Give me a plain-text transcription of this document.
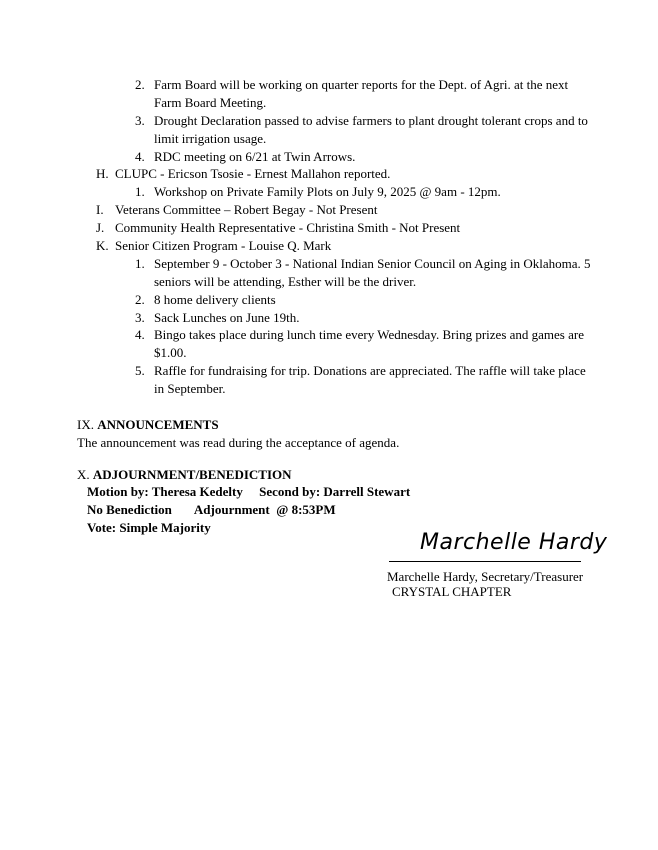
2. Farm Board will be working on quarter reports for the Dept. of Agri. at the next Farm Board Meeting.
3. Drought Declaration passed to advise farmers to plant drought tolerant crops and to limit irrigation usage.
4. RDC meeting on 6/21 at Twin Arrows.
H. CLUPC - Ericson Tsosie - Ernest Mallahon reported.
1. Workshop on Private Family Plots on July 9, 2025 @ 9am - 12pm.
I. Veterans Committee – Robert Begay - Not Present
J. Community Health Representative - Christina Smith - Not Present
K. Senior Citizen Program - Louise Q. Mark
1. September 9 - October 3 - National Indian Senior Council on Aging in Oklahoma. 5 seniors will be attending, Esther will be the driver.
2. 8 home delivery clients
3. Sack Lunches on June 19th.
4. Bingo takes place during lunch time every Wednesday. Bring prizes and games are $1.00.
5. Raffle for fundraising for trip. Donations are appreciated. The raffle will take place in September.
IX. ANNOUNCEMENTS
The announcement was read during the acceptance of agenda.
X. ADJOURNMENT/BENEDICTION
Motion by: Theresa Kedelty     Second by: Darrell Stewart
No Benediction       Adjournment  @ 8:53PM
Vote: Simple Majority
Marchelle Hardy
Marchelle Hardy, Secretary/Treasurer
CRYSTAL CHAPTER
